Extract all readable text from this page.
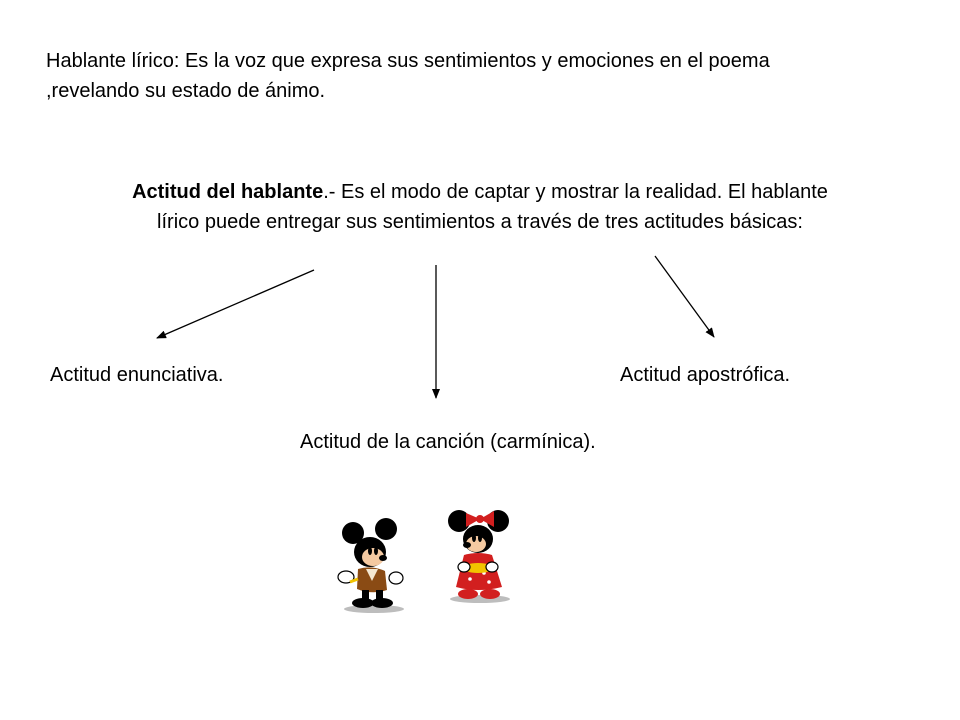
Hablante lírico: Es la voz que expresa sus sentimientos y emociones en el poema ,revelando su estado de ánimo.

Actitud del hablante.- Es el modo de captar y mostrar la realidad. El hablante lírico puede entregar sus sentimientos a través de tres actitudes básicas:

Actitud enunciativa.	Actitud apostrófica.
Actitud de la canción (carmínica).
